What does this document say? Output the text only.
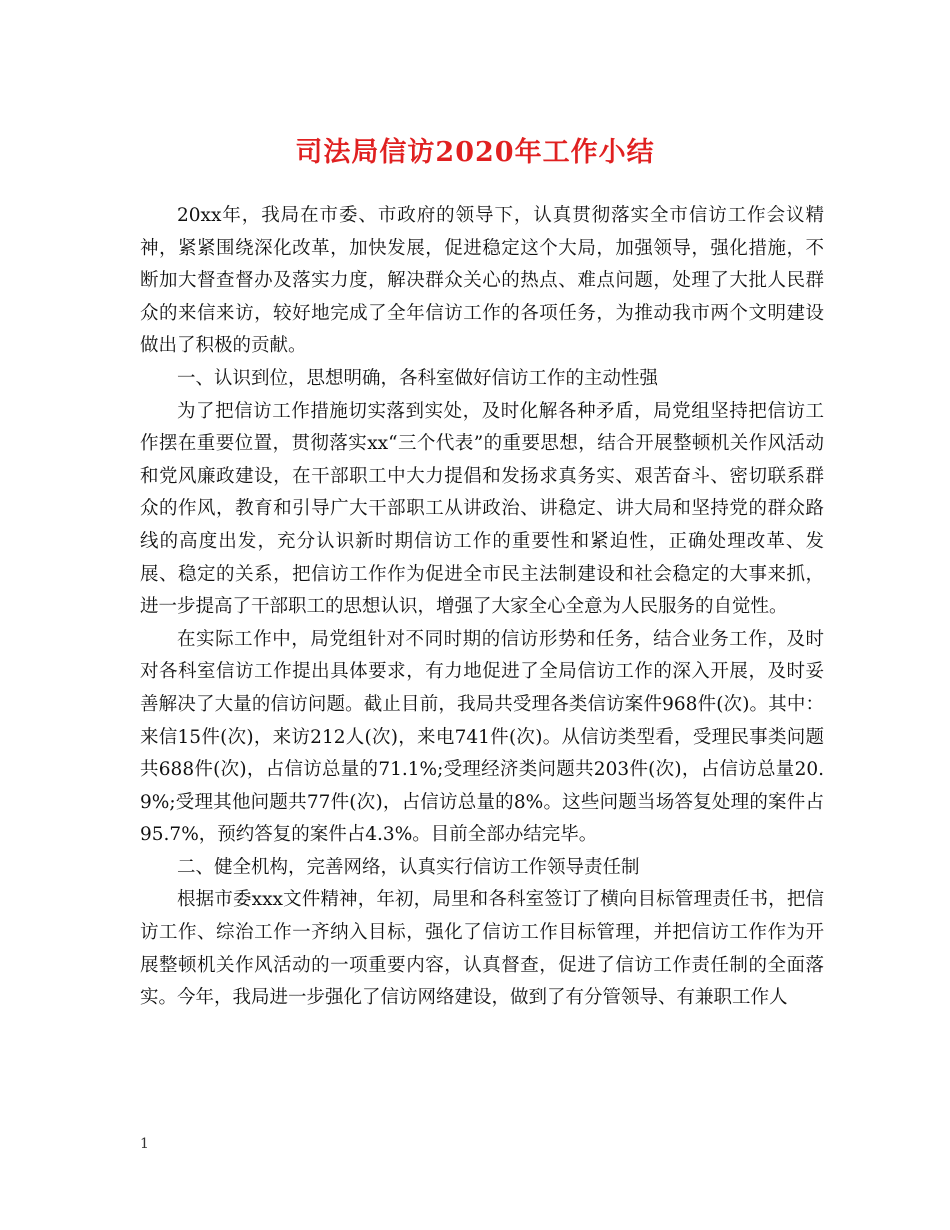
司法局信访2020年工作小结

20xx年，我局在市委、市政府的领导下，认真贯彻落实全市信访工作会议精神，紧紧围绕深化改革，加快发展，促进稳定这个大局，加强领导，强化措施，不断加大督查督办及落实力度，解决群众关心的热点、难点问题，处理了大批人民群众的来信来访，较好地完成了全年信访工作的各项任务，为推动我市两个文明建设做出了积极的贡献。

一、认识到位，思想明确，各科室做好信访工作的主动性强

为了把信访工作措施切实落到实处，及时化解各种矛盾，局党组坚持把信访工作摆在重要位置，贯彻落实xx“三个代表”的重要思想，结合开展整顿机关作风活动和党风廉政建设，在干部职工中大力提倡和发扬求真务实、艰苦奋斗、密切联系群众的作风，教育和引导广大干部职工从讲政治、讲稳定、讲大局和坚持党的群众路线的高度出发，充分认识新时期信访工作的重要性和紧迫性，正确处理改革、发展、稳定的关系，把信访工作作为促进全市民主法制建设和社会稳定的大事来抓，进一步提高了干部职工的思想认识，增强了大家全心全意为人民服务的自觉性。

在实际工作中，局党组针对不同时期的信访形势和任务，结合业务工作，及时对各科室信访工作提出具体要求，有力地促进了全局信访工作的深入开展，及时妥善解决了大量的信访问题。截止目前，我局共受理各类信访案件968件(次)。其中：来信15件(次)，来访212人(次)，来电741件(次)。从信访类型看，受理民事类问题共688件(次)，占信访总量的71.1%;受理经济类问题共203件(次)，占信访总量20.9%;受理其他问题共77件(次)，占信访总量的8%。这些问题当场答复处理的案件占95.7%，预约答复的案件占4.3%。目前全部办结完毕。

二、健全机构，完善网络，认真实行信访工作领导责任制

根据市委xxx文件精神，年初，局里和各科室签订了横向目标管理责任书，把信访工作、综治工作一齐纳入目标，强化了信访工作目标管理，并把信访工作作为开展整顿机关作风活动的一项重要内容，认真督查，促进了信访工作责任制的全面落实。今年，我局进一步强化了信访网络建设，做到了有分管领导、有兼职工作人

1
